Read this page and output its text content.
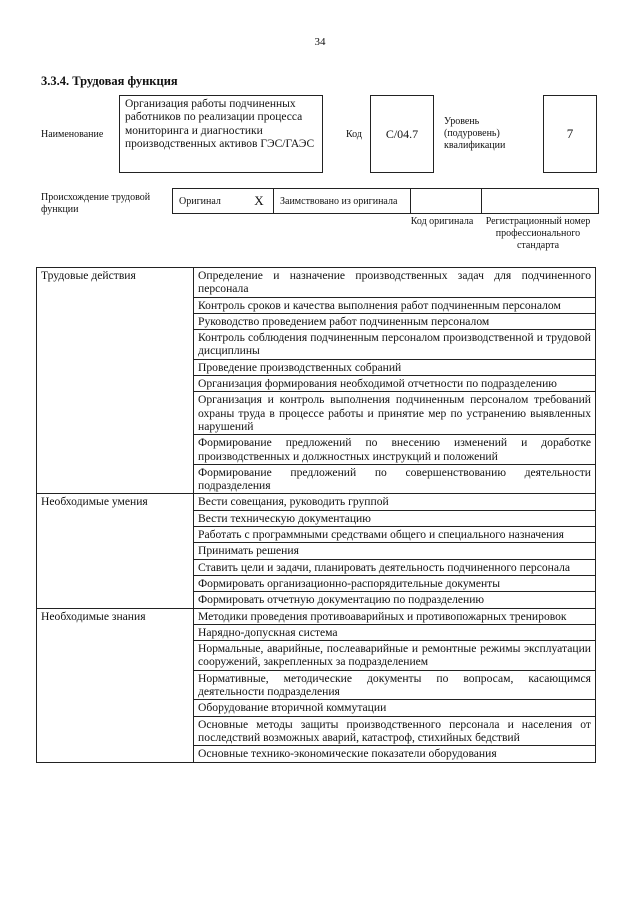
34
3.3.4. Трудовая функция
Наименование
Организация работы подчиненных работников по реализации процесса мониторинга и диагностики производственных активов ГЭС/ГАЭС
Код	С/04.7
Уровень (подуровень) квалификации
7
Происхождение трудовой функции
Оригинал	X	Заимствовано из оригинала		
Код оригинала	Регистрационный номер профессионального стандарта
Трудовые действия	Определение и назначение производственных задач для подчиненного персонала
	Контроль сроков и качества выполнения работ подчиненным персоналом
	Руководство проведением работ подчиненным персоналом
	Контроль соблюдения подчиненным персоналом производственной и трудовой дисциплины
	Проведение производственных собраний
	Организация формирования необходимой отчетности по подразделению
	Организация и контроль выполнения подчиненным персоналом требований охраны труда в процессе работы и принятие мер по устранению выявленных нарушений
	Формирование предложений по внесению изменений и доработке производственных и должностных инструкций и положений
	Формирование предложений по совершенствованию деятельности подразделения
Необходимые умения	Вести совещания, руководить группой
	Вести техническую документацию
	Работать с программными средствами общего и специального назначения
	Принимать решения
	Ставить цели и задачи, планировать деятельность подчиненного персонала
	Формировать организационно-распорядительные документы
	Формировать отчетную документацию по подразделению
Необходимые знания	Методики проведения противоаварийных и противопожарных тренировок
	Нарядно-допускная система
	Нормальные, аварийные, послеаварийные и ремонтные режимы эксплуатации сооружений, закрепленных за подразделением
	Нормативные, методические документы по вопросам, касающимся деятельности подразделения
	Оборудование вторичной коммутации
	Основные методы защиты производственного персонала и населения от последствий возможных аварий, катастроф, стихийных бедствий
	Основные технико-экономические показатели оборудования
